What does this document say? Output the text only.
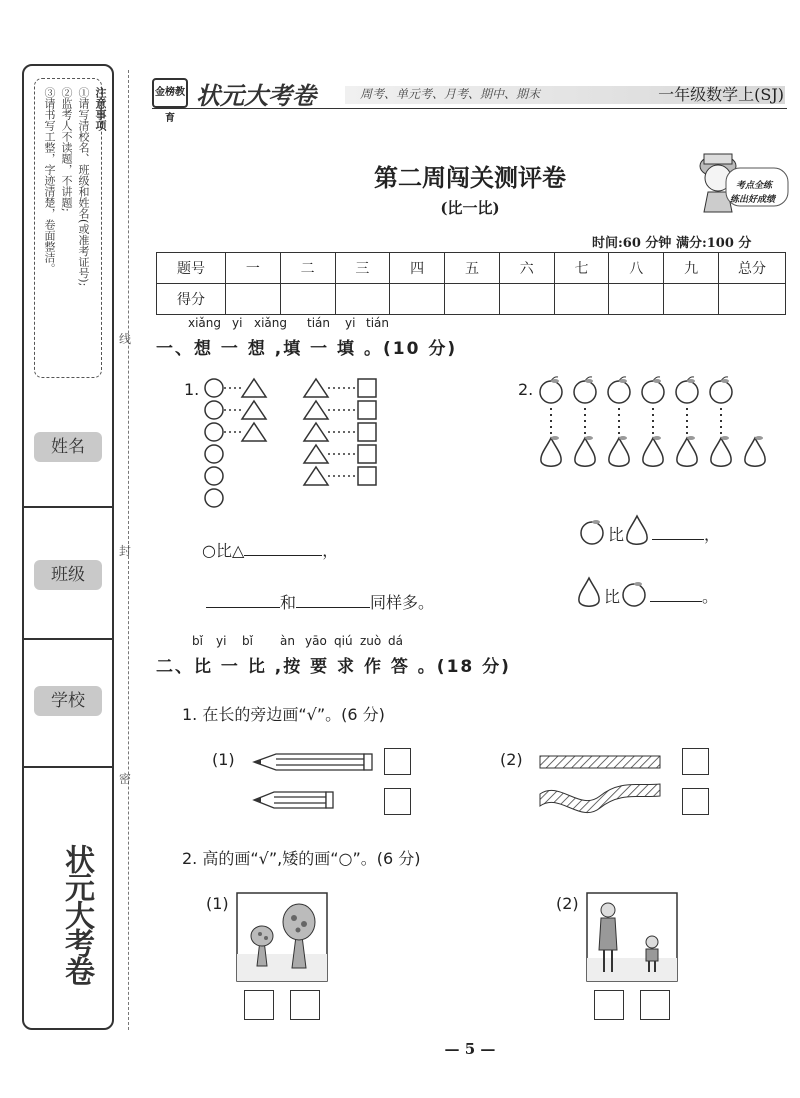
注意事项
①请写清校名、班级和姓名(或准考证号);
②监考人不读题，不讲题;
③请书写工整，字迹清楚，卷面整洁。
姓名
班级
学校
状元大考卷
线
封
密
金榜教育
状元大考卷	周考、单元考、月考、期中、期末	一年级数学上(SJ)
第二周闯关测评卷
(比一比)
考点全练
练出好成绩
时间:60 分钟 满分:100 分
题号	一	二	三	四	五	六	七	八	九	总分
得分										
xiǎng yi xiǎng tián yi tián
一、想 一 想 ,填 一 填 。(10 分)
1.
○比△	，
和	同样多。
2.
比	，
比	。
bǐ yi bǐ àn yāo qiú zuò dá
二、比 一 比 ,按 要 求 作 答 。(18 分)
1. 在长的旁边画“√”。(6 分)
(1)	(2)
2. 高的画“√”,矮的画“○”。(6 分)
(1)	(2)
— 5 —
